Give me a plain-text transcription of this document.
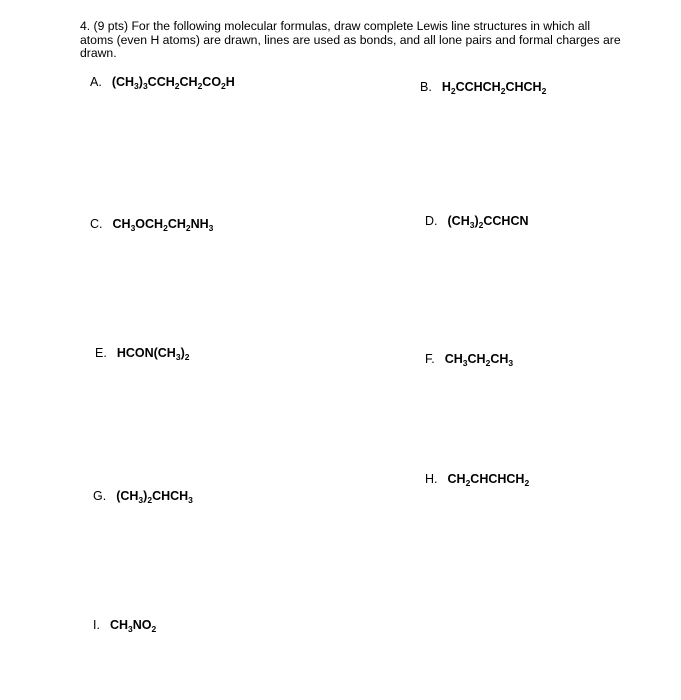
4. (9 pts) For the following molecular formulas, draw complete Lewis line structures in which all atoms (even H atoms) are drawn, lines are used as bonds, and all lone pairs and formal charges are drawn.
A. $(CH_3)_3CCH_2CH_2CO_2H$	B. $H_2CCHCH_2CHCH_2$
C. $CH_3OCH_2CH_2NH_3$	D. $(CH_3)_2CCHCN$
E. $HCON(CH_3)_2$	F. $CH_3CH_2CH_3$
G. $(CH_3)_2CHCH_3$
H. $CH_2CHCHCH_2$
I. $CH_3NO_2$
